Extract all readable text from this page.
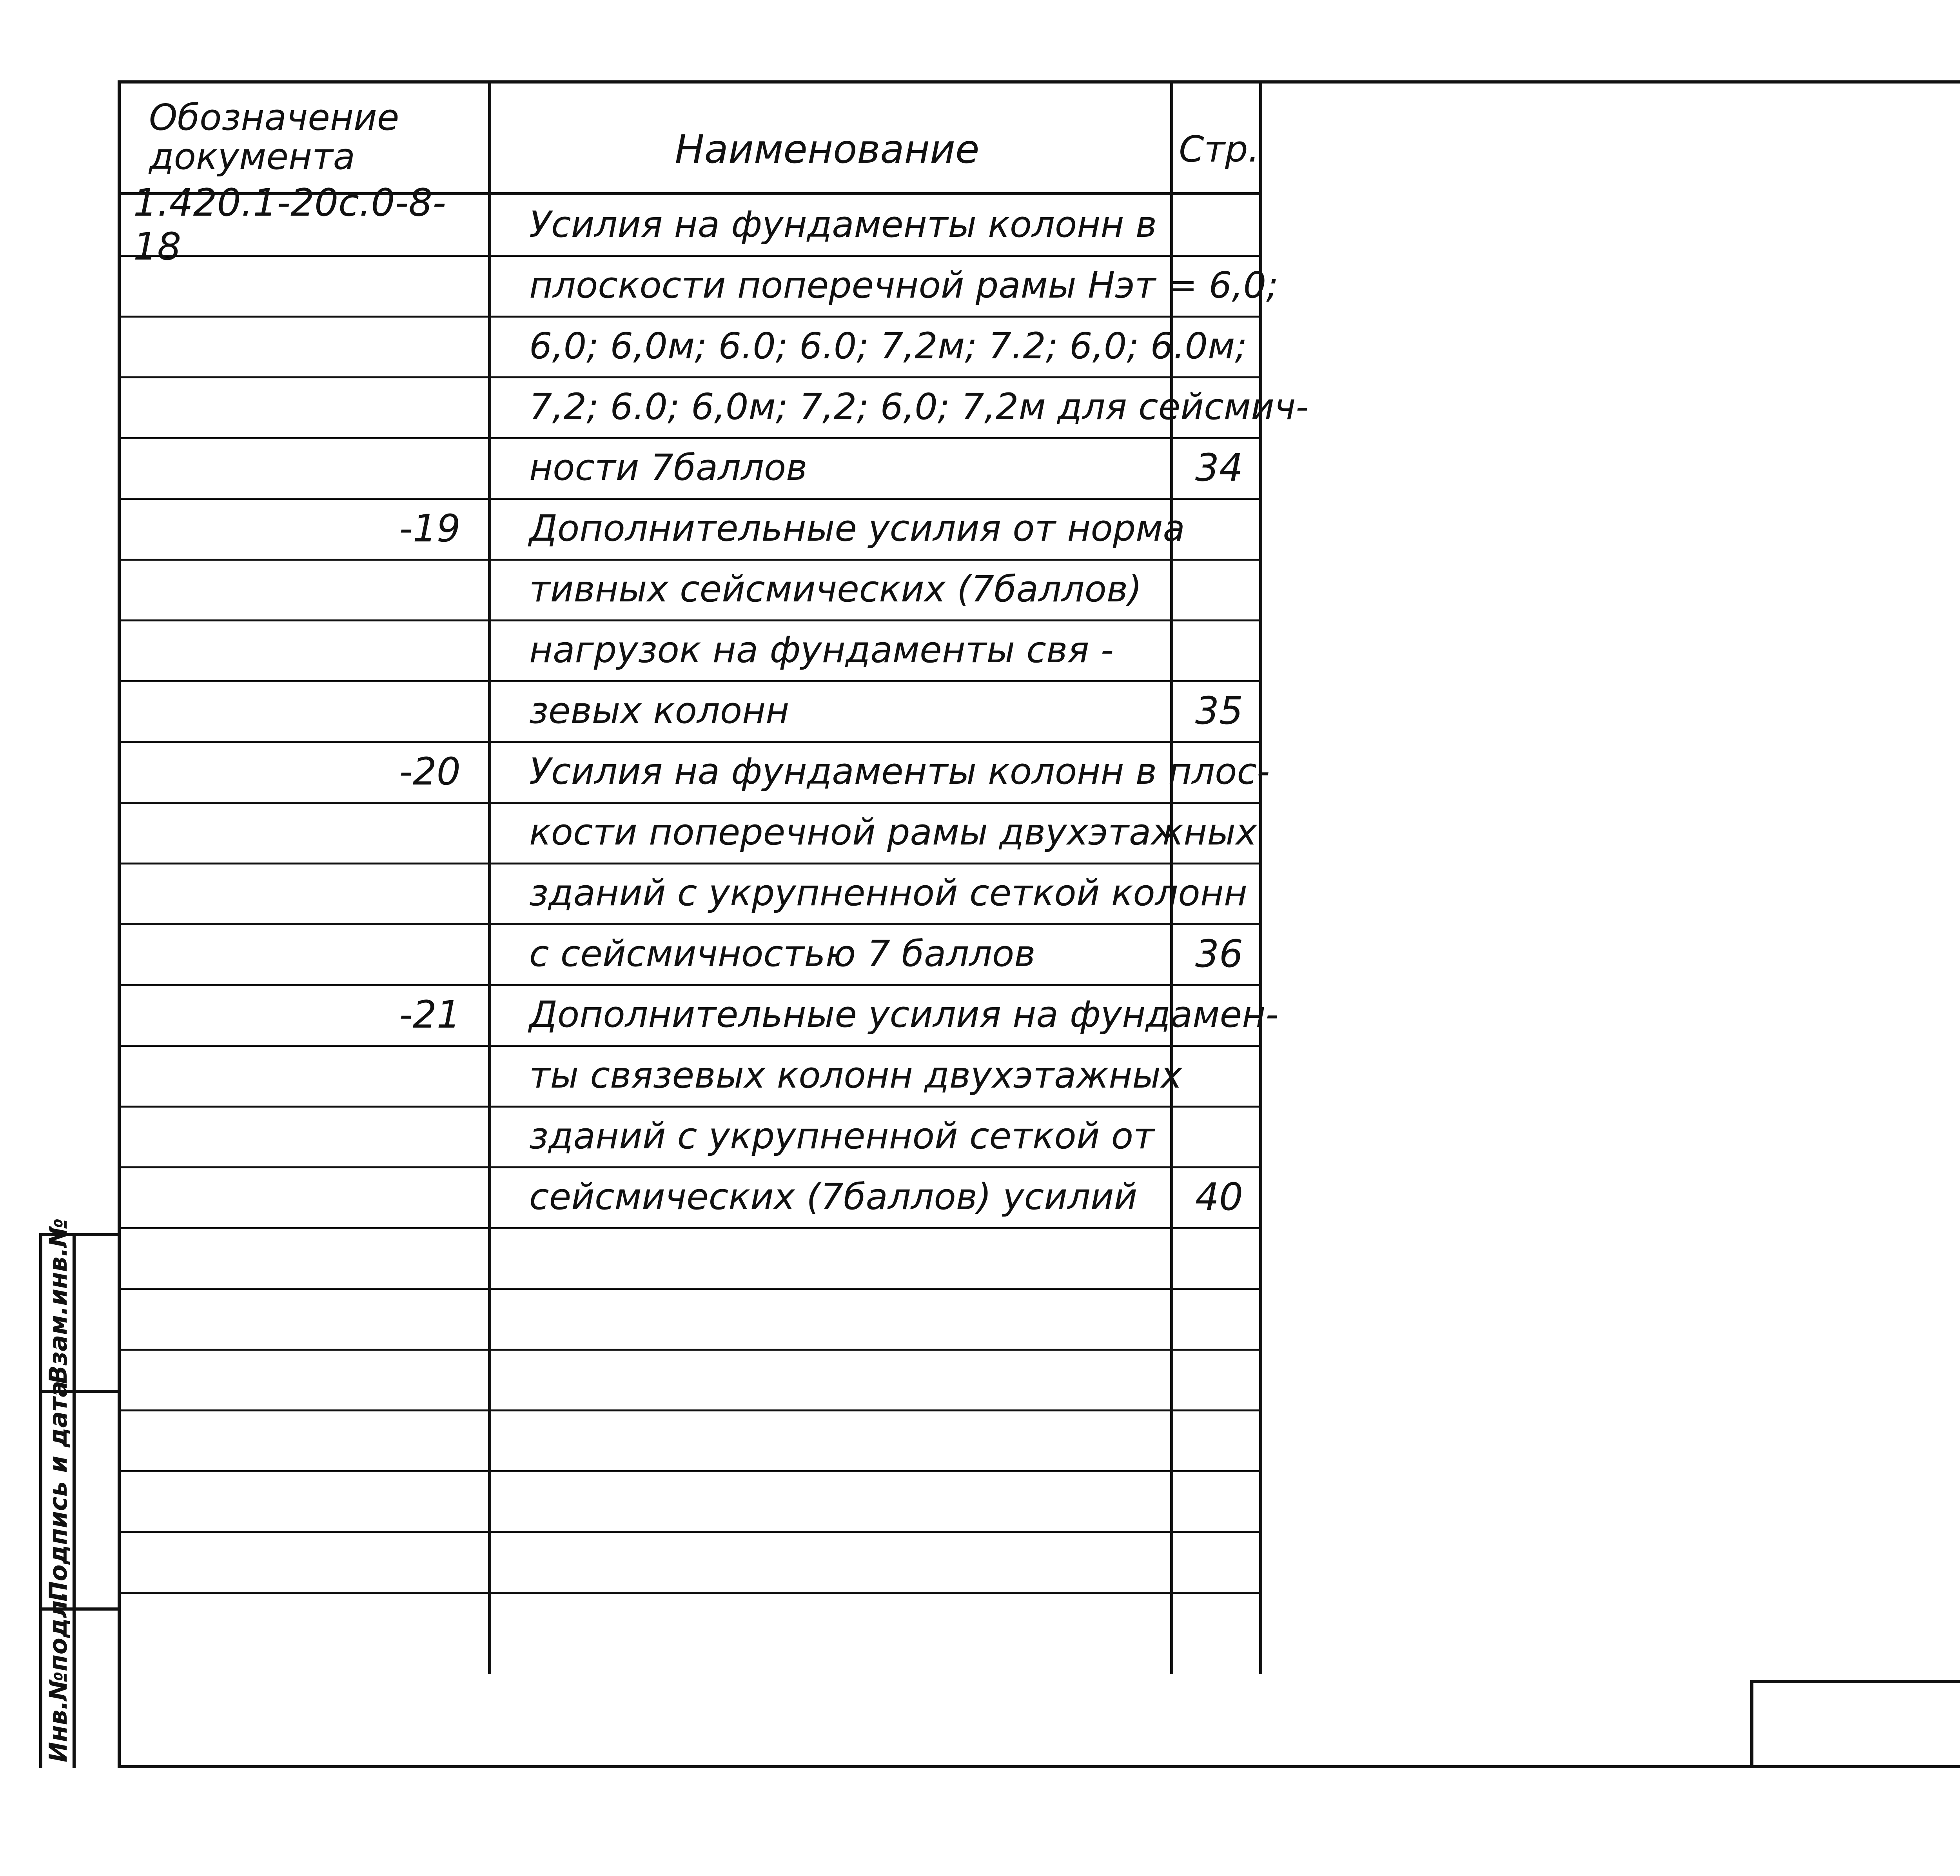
Обозначение документа	Наименование	Стр.
1.420.1-20с.0-8-18	Усилия на фундаменты колонн в
плоскости поперечной рамы Нэт = 6,0;
6,0; 6,0м; 6.0; 6.0; 7,2м; 7.2; 6,0; 6.0м;
7,2; 6.0; 6,0м; 7,2; 6,0; 7,2м для сейсмич-
ности 7баллов	34
-19	Дополнительные усилия от норма
тивных сейсмических (7баллов)
нагрузок на фундаменты свя -
зевых колонн	35
-20	Усилия на фундаменты колонн в плос-
кости поперечной рамы двухэтажных
зданий с укрупненной сеткой колонн
с сейсмичностью 7 баллов	36
-21	Дополнительные усилия на фундамен-
ты связевых колонн двухэтажных
зданий с укрупненной сеткой от
сейсмических (7баллов) усилий	40
Взам.инв.№
Подпись и дата
Инв.№подл.
